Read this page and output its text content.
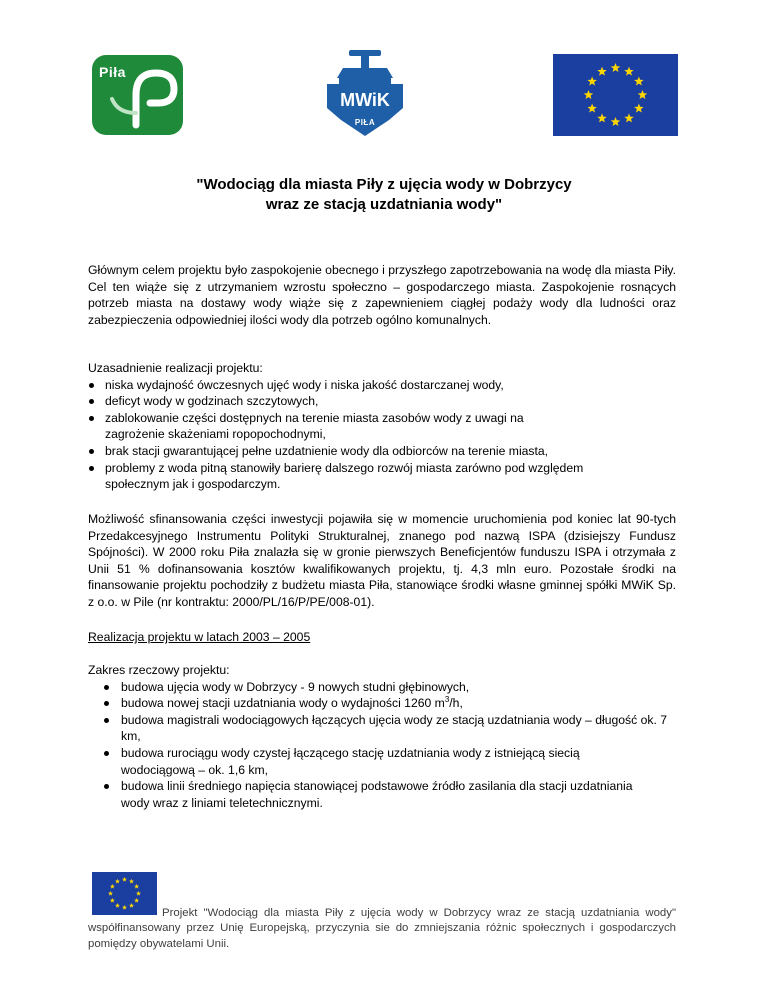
Piła
MWiK
PIŁA
"Wodociąg dla miasta Piły z ujęcia wody w Dobrzycy
wraz ze stacją uzdatniania wody"
Głównym celem projektu było zaspokojenie obecnego i przyszłego zapotrzebowania na wodę dla miasta Piły. Cel ten wiąże się z utrzymaniem wzrostu społeczno – gospodarczego miasta. Zaspokojenie rosnących potrzeb miasta na dostawy wody wiąże się z zapewnieniem ciągłej podaży wody dla ludności oraz zabezpieczenia odpowiedniej ilości wody dla potrzeb ogólno komunalnych.
Uzasadnienie realizacji projektu:
niska wydajność ówczesnych ujęć wody i niska jakość dostarczanej wody,
deficyt wody w godzinach szczytowych,
zablokowanie części dostępnych na terenie miasta zasobów wody z uwagi na zagrożenie skażeniami ropopochodnymi,
brak stacji gwarantującej pełne uzdatnienie wody dla odbiorców na terenie miasta,
problemy z woda pitną stanowiły barierę dalszego rozwój miasta zarówno pod względem społecznym jak i gospodarczym.
Możliwość sfinansowania części inwestycji pojawiła się w momencie uruchomienia pod koniec lat 90-tych Przedakcesyjnego Instrumentu Polityki Strukturalnej, znanego pod nazwą ISPA (dzisiejszy Fundusz Spójności). W 2000 roku Piła znalazła się w gronie pierwszych Beneficjentów funduszu ISPA i otrzymała z Unii 51 % dofinansowania kosztów kwalifikowanych projektu, tj. 4,3 mln euro. Pozostałe środki na finansowanie projektu pochodziły z budżetu miasta Piła, stanowiące środki własne gminnej spółki MWiK Sp. z o.o. w Pile (nr kontraktu: 2000/PL/16/P/PE/008-01).
Realizacja projektu w latach 2003 – 2005
Zakres rzeczowy projektu:
budowa ujęcia wody w Dobrzycy - 9 nowych studni głębinowych,
budowa nowej stacji uzdatniania wody o wydajności 1260 $m^3/h$,
budowa magistrali wodociągowych łączących ujęcia wody ze stacją uzdatniania wody – długość ok. 7 km,
budowa rurociągu wody czystej łączącego stację uzdatniania wody z istniejącą siecią wodociągową – ok. 1,6 km,
budowa linii średniego napięcia stanowiącej podstawowe źródło zasilania dla stacji uzdatniania wody wraz z liniami teletechnicznymi.
Projekt "Wodociąg dla miasta Piły z ujęcia wody w Dobrzycy wraz ze stacją uzdatniania wody" współfinansowany przez Unię Europejską, przyczynia sie do zmniejszania różnic społecznych i gospodarczych pomiędzy obywatelami Unii.
